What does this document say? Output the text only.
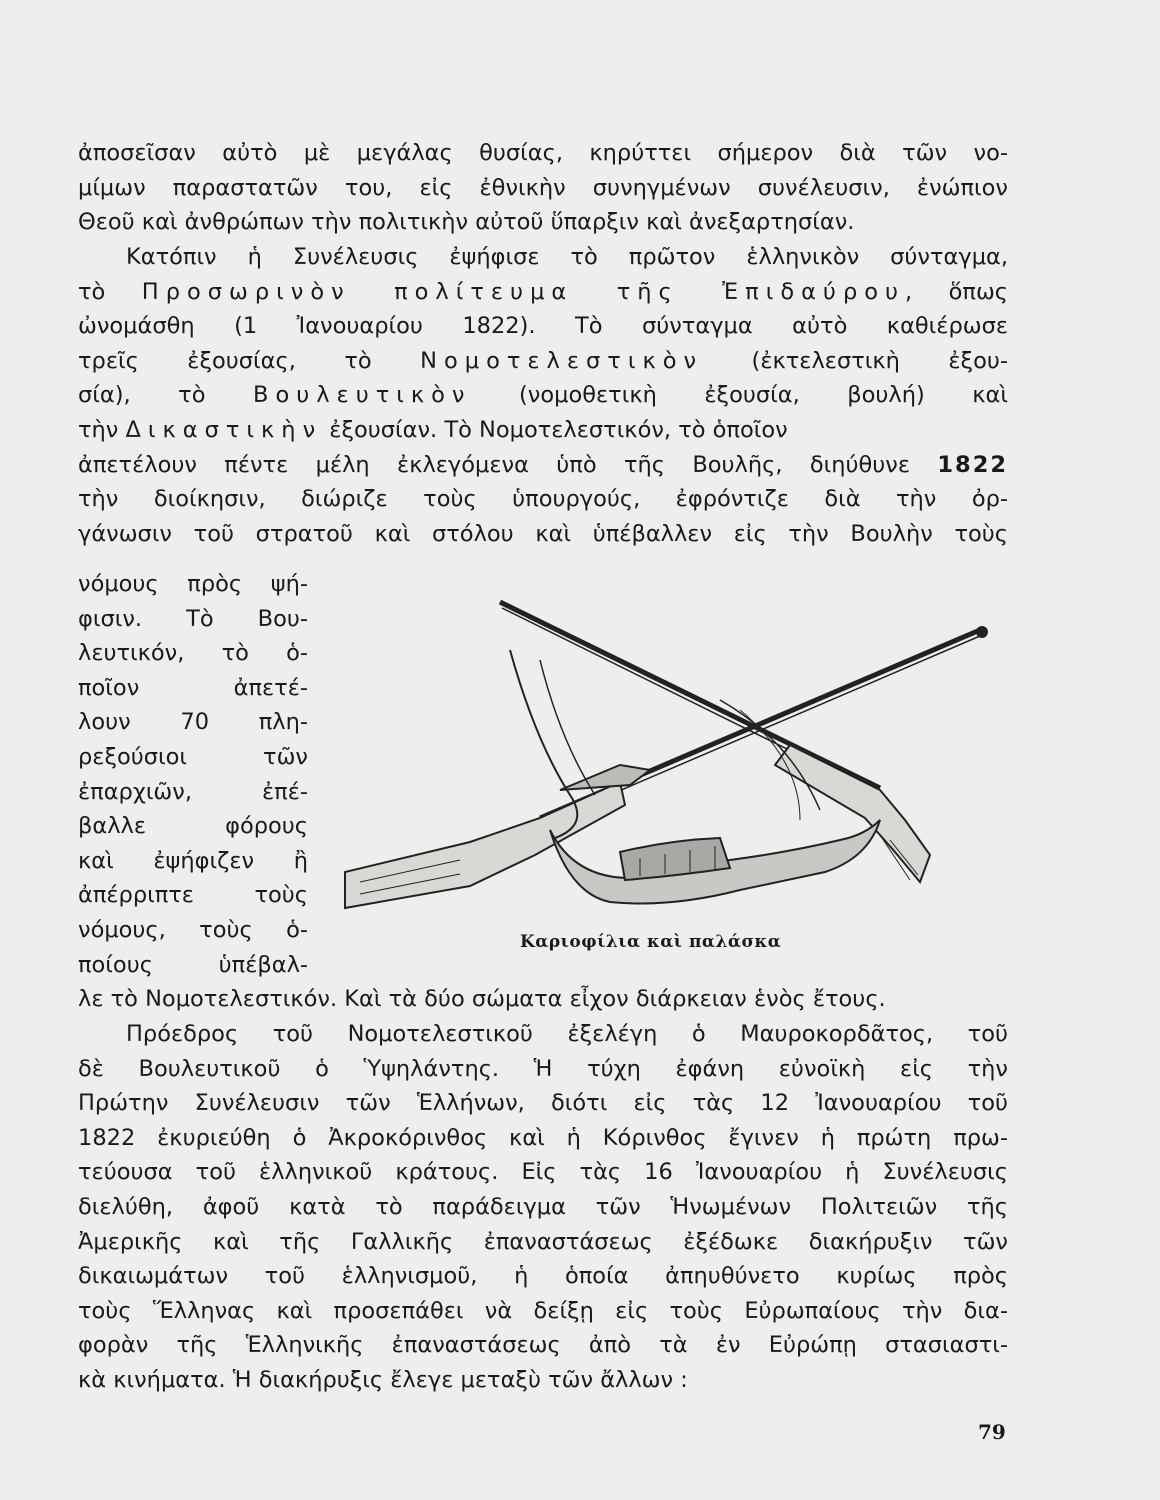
ἀποσεῖσαν αὐτὸ μὲ μεγάλας θυσίας, κηρύττει σήμερον διὰ τῶν νο-
μίμων παραστατῶν του, εἰς ἐθνικὴν συνηγμένων συνέλευσιν, ἐνώπιον
Θεοῦ καὶ ἀνθρώπων τὴν πολιτικὴν αὐτοῦ ὕπαρξιν καὶ ἀνεξαρτησίαν.
Κατόπιν ἡ Συνέλευσις ἐψήφισε τὸ πρῶτον ἑλληνικὸν σύνταγμα,
τὸ Προσωρινὸν πολίτευμα τῆς Ἐπιδαύρου, ὅπως
ὠνομάσθη (1 Ἰανουαρίου 1822). Τὸ σύνταγμα αὐτὸ καθιέρωσε
τρεῖς ἐξουσίας, τὸ Νομοτελεστικὸν (ἐκτελεστικὴ ἐξου-
σία), τὸ Βουλευτικὸν (νομοθετικὴ ἐξουσία, βουλή) καὶ
τὴν Δικαστικὴν ἐξουσίαν. Τὸ Νομοτελεστικόν, τὸ ὁποῖον
ἀπετέλουν πέντε μέλη ἐκλεγόμενα ὑπὸ τῆς Βουλῆς, διηύθυνε 1822
τὴν διοίκησιν, διώριζε τοὺς ὑπουργούς, ἐφρόντιζε διὰ τὴν ὀρ-
γάνωσιν τοῦ στρατοῦ καὶ στόλου καὶ ὑπέβαλλεν εἰς τὴν Βουλὴν τοὺς
νόμους πρὸς ψή-
φισιν. Τὸ Βου-
λευτικόν, τὸ ὁ-
ποῖον ἀπετέ-
λουν 70 πλη-
ρεξούσιοι τῶν
ἐπαρχιῶν, ἐπέ-
βαλλε φόρους
καὶ ἐψήφιζεν ἢ
ἀπέρριπτε τοὺς
νόμους, τοὺς ὁ-
ποίους ὑπέβαλ-
Καριοφίλια καὶ παλάσκα
λε τὸ Νομοτελεστικόν. Καὶ τὰ δύο σώματα εἶχον διάρκειαν ἑνὸς ἔτους.
Πρόεδρος τοῦ Νομοτελεστικοῦ ἐξελέγη ὁ Μαυροκορδᾶτος, τοῦ
δὲ Βουλευτικοῦ ὁ Ὑψηλάντης. Ἡ τύχη ἐφάνη εὐνοϊκὴ εἰς τὴν
Πρώτην Συνέλευσιν τῶν Ἑλλήνων, διότι εἰς τὰς 12 Ἰανουαρίου τοῦ
1822 ἐκυριεύθη ὁ Ἀκροκόρινθος καὶ ἡ Κόρινθος ἔγινεν ἡ πρώτη πρω-
τεύουσα τοῦ ἑλληνικοῦ κράτους. Εἰς τὰς 16 Ἰανουαρίου ἡ Συνέλευσις
διελύθη, ἀφοῦ κατὰ τὸ παράδειγμα τῶν Ἡνωμένων Πολιτειῶν τῆς
Ἀμερικῆς καὶ τῆς Γαλλικῆς ἐπαναστάσεως ἐξέδωκε διακήρυξιν τῶν
δικαιωμάτων τοῦ ἑλληνισμοῦ, ἡ ὁποία ἀπηυθύνετο κυρίως πρὸς
τοὺς Ἕλληνας καὶ προσεπάθει νὰ δείξῃ εἰς τοὺς Εὐρωπαίους τὴν δια-
φορὰν τῆς Ἑλληνικῆς ἐπαναστάσεως ἀπὸ τὰ ἐν Εὐρώπῃ στασιαστι-
κὰ κινήματα. Ἡ διακήρυξις ἔλεγε μεταξὺ τῶν ἄλλων :
79
